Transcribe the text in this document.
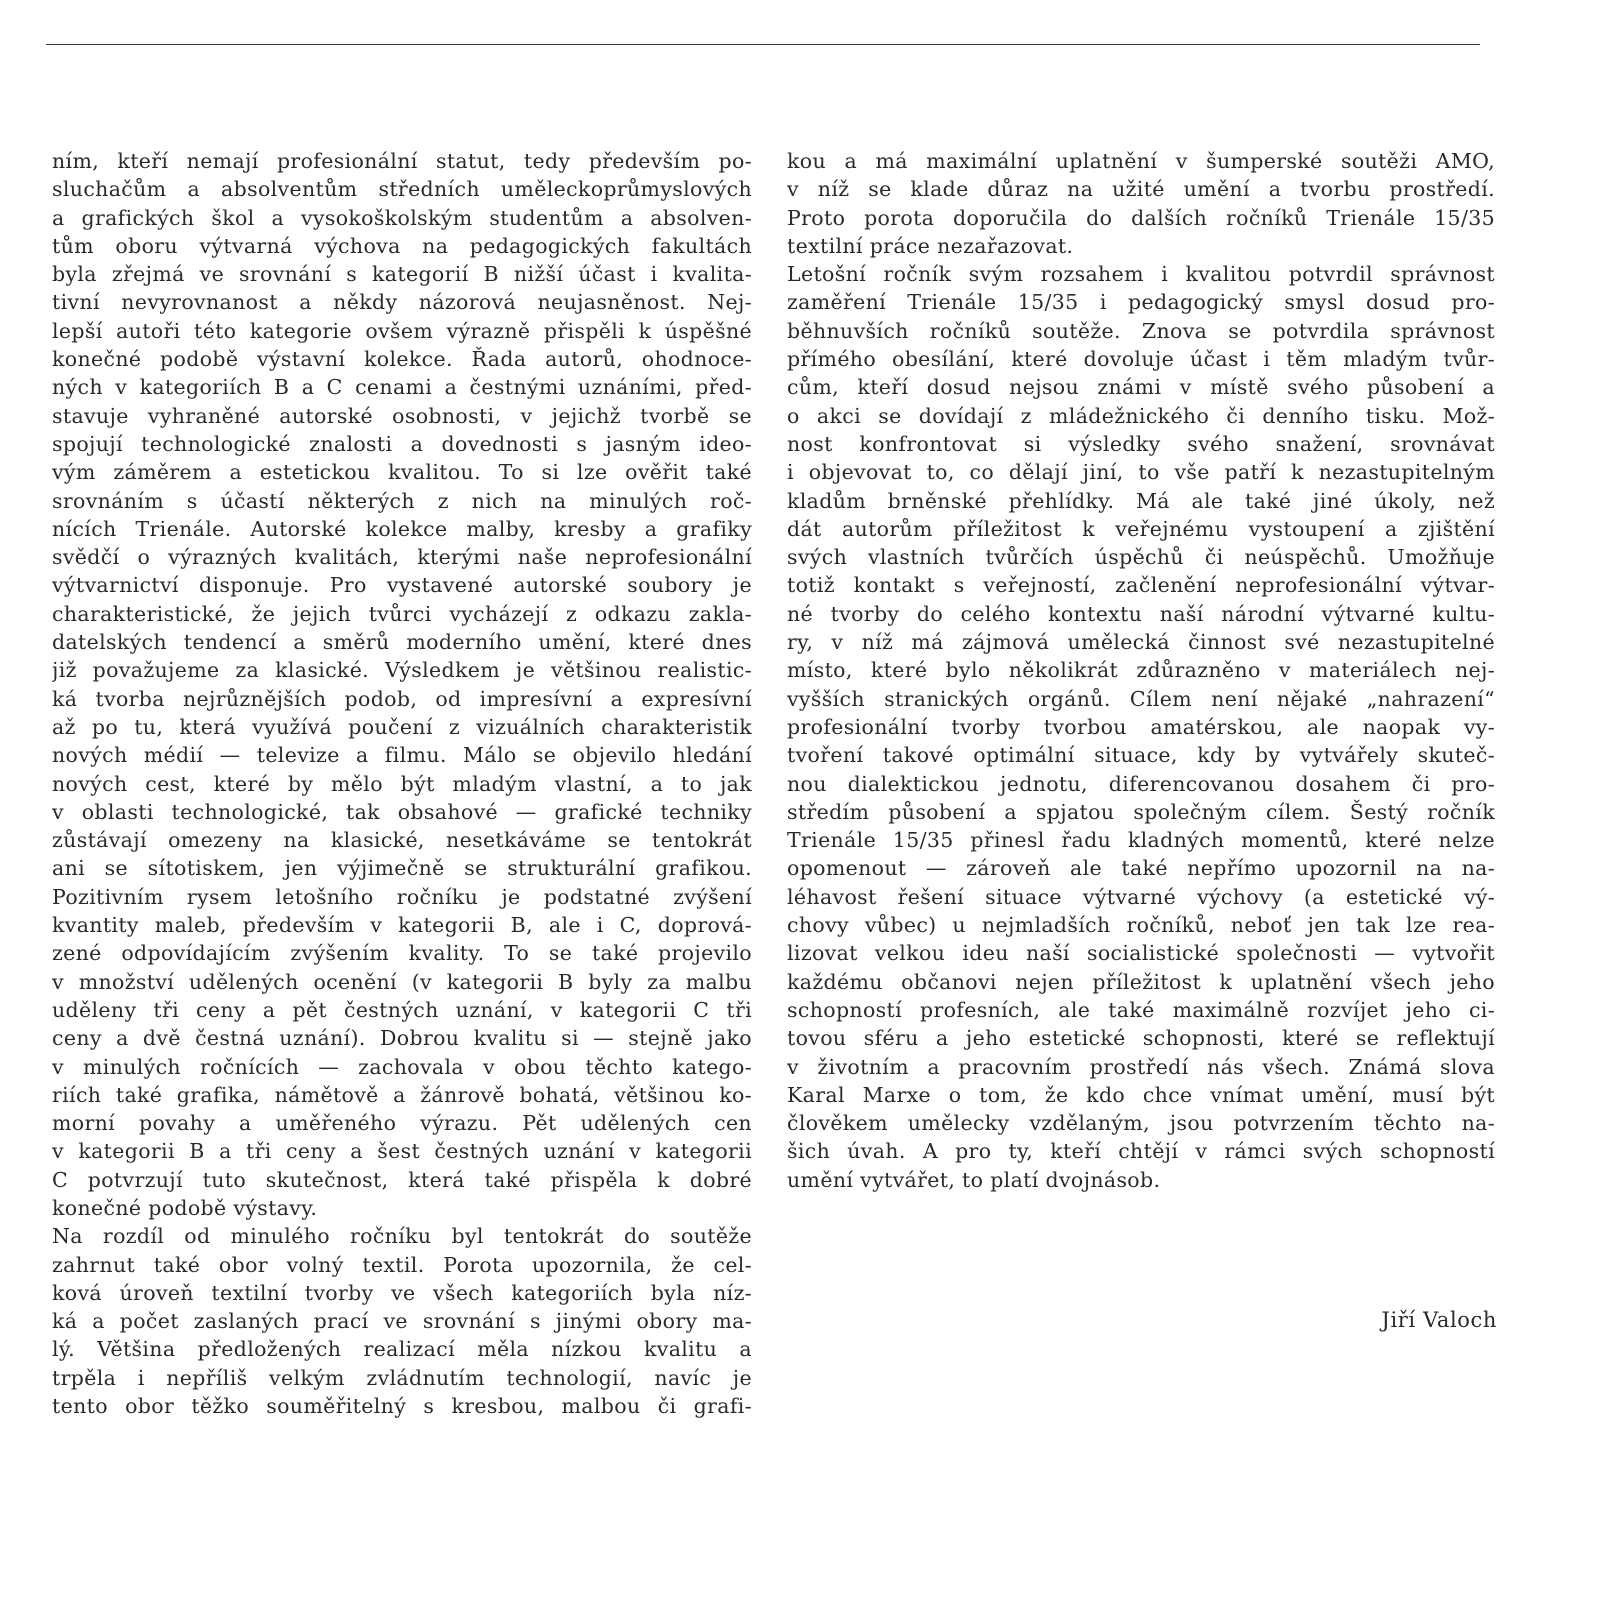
ním, kteří nemají profesionální statut, tedy především po-
sluchačům a absolventům středních uměleckoprůmyslových
a grafických škol a vysokoškolským studentům a absolven-
tům oboru výtvarná výchova na pedagogických fakultách
byla zřejmá ve srovnání s kategorií B nižší účast i kvalita-
tivní nevyrovnanost a někdy názorová neujasněnost. Nej-
lepší autoři této kategorie ovšem výrazně přispěli k úspěšné
konečné podobě výstavní kolekce. Řada autorů, ohodnoce-
ných v kategoriích B a C cenami a čestnými uznáními, před-
stavuje vyhraněné autorské osobnosti, v jejichž tvorbě se
spojují technologické znalosti a dovednosti s jasným ideo-
vým záměrem a estetickou kvalitou. To si lze ověřit také
srovnáním s účastí některých z nich na minulých roč-
nících Trienále. Autorské kolekce malby, kresby a grafiky
svědčí o výrazných kvalitách, kterými naše neprofesionální
výtvarnictví disponuje. Pro vystavené autorské soubory je
charakteristické, že jejich tvůrci vycházejí z odkazu zakla-
datelských tendencí a směrů moderního umění, které dnes
již považujeme za klasické. Výsledkem je většinou realistic-
ká tvorba nejrůznějších podob, od impresívní a expresívní
až po tu, která využívá poučení z vizuálních charakteristik
nových médií — televize a filmu. Málo se objevilo hledání
nových cest, které by mělo být mladým vlastní, a to jak
v oblasti technologické, tak obsahové — grafické techniky
zůstávají omezeny na klasické, nesetkáváme se tentokrát
ani se sítotiskem, jen výjimečně se strukturální grafikou.
Pozitivním rysem letošního ročníku je podstatné zvýšení
kvantity maleb, především v kategorii B, ale i C, doprová-
zené odpovídajícím zvýšením kvality. To se také projevilo
v množství udělených ocenění (v kategorii B byly za malbu
uděleny tři ceny a pět čestných uznání, v kategorii C tři
ceny a dvě čestná uznání). Dobrou kvalitu si — stejně jako
v minulých ročnících — zachovala v obou těchto katego-
riích také grafika, námětově a žánrově bohatá, většinou ko-
morní povahy a uměřeného výrazu. Pět udělených cen
v kategorii B a tři ceny a šest čestných uznání v kategorii
C potvrzují tuto skutečnost, která také přispěla k dobré
konečné podobě výstavy.
Na rozdíl od minulého ročníku byl tentokrát do soutěže
zahrnut také obor volný textil. Porota upozornila, že cel-
ková úroveň textilní tvorby ve všech kategoriích byla níz-
ká a počet zaslaných prací ve srovnání s jinými obory ma-
lý. Většina předložených realizací měla nízkou kvalitu a
trpěla i nepříliš velkým zvládnutím technologií, navíc je
tento obor těžko souměřitelný s kresbou, malbou či grafi-
kou a má maximální uplatnění v šumperské soutěži AMO,
v níž se klade důraz na užité umění a tvorbu prostředí.
Proto porota doporučila do dalších ročníků Trienále 15/35
textilní práce nezařazovat.
Letošní ročník svým rozsahem i kvalitou potvrdil správnost
zaměření Trienále 15/35 i pedagogický smysl dosud pro-
běhnuvších ročníků soutěže. Znova se potvrdila správnost
přímého obesílání, které dovoluje účast i těm mladým tvůr-
cům, kteří dosud nejsou známi v místě svého působení a
o akci se dovídají z mládežnického či denního tisku. Mož-
nost konfrontovat si výsledky svého snažení, srovnávat
i objevovat to, co dělají jiní, to vše patří k nezastupitelným
kladům brněnské přehlídky. Má ale také jiné úkoly, než
dát autorům příležitost k veřejnému vystoupení a zjištění
svých vlastních tvůrčích úspěchů či neúspěchů. Umožňuje
totiž kontakt s veřejností, začlenění neprofesionální výtvar-
né tvorby do celého kontextu naší národní výtvarné kultu-
ry, v níž má zájmová umělecká činnost své nezastupitelné
místo, které bylo několikrát zdůrazněno v materiálech nej-
vyšších stranických orgánů. Cílem není nějaké „nahrazení“
profesionální tvorby tvorbou amatérskou, ale naopak vy-
tvoření takové optimální situace, kdy by vytvářely skuteč-
nou dialektickou jednotu, diferencovanou dosahem či pro-
středím působení a spjatou společným cílem. Šestý ročník
Trienále 15/35 přinesl řadu kladných momentů, které nelze
opomenout — zároveň ale také nepřímo upozornil na na-
léhavost řešení situace výtvarné výchovy (a estetické vý-
chovy vůbec) u nejmladších ročníků, neboť jen tak lze rea-
lizovat velkou ideu naší socialistické společnosti — vytvořit
každému občanovi nejen příležitost k uplatnění všech jeho
schopností profesních, ale také maximálně rozvíjet jeho ci-
tovou sféru a jeho estetické schopnosti, které se reflektují
v životním a pracovním prostředí nás všech. Známá slova
Karal Marxe o tom, že kdo chce vnímat umění, musí být
člověkem umělecky vzdělaným, jsou potvrzením těchto na-
šich úvah. A pro ty, kteří chtějí v rámci svých schopností
umění vytvářet, to platí dvojnásob.
Jiří Valoch
